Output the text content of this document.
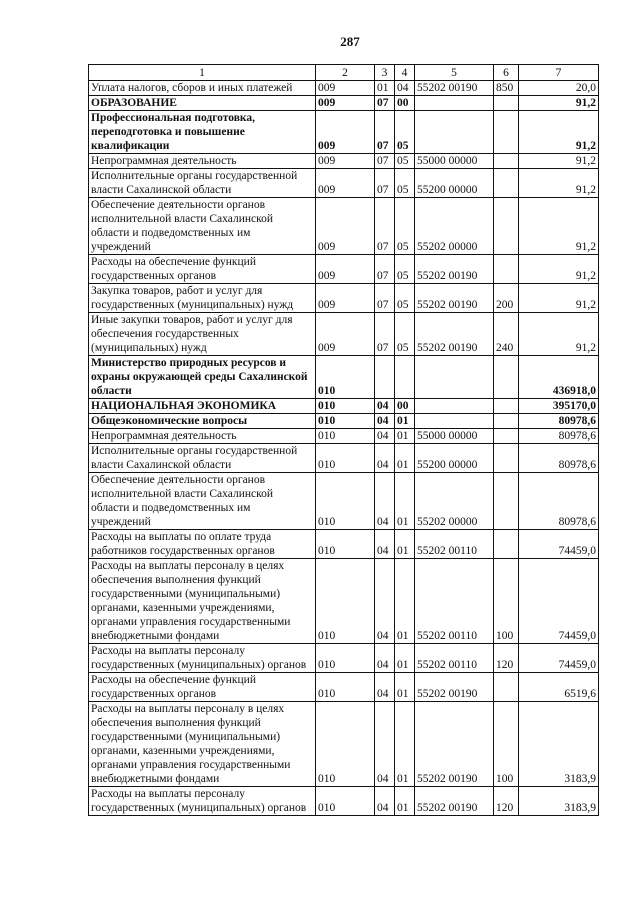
287
1	2	3	4	5	6	7
Уплата налогов, сборов и иных платежей	009	01	04	55202 00190	850	20,0
ОБРАЗОВАНИЕ	009	07	00			91,2
Профессиональная подготовка, переподготовка и повышение квалификации	009	07	05			91,2
Непрограммная деятельность	009	07	05	55000 00000		91,2
Исполнительные органы государственной власти Сахалинской области	009	07	05	55200 00000		91,2
Обеспечение деятельности органов исполнительной власти Сахалинской области и подведомственных им учреждений	009	07	05	55202 00000		91,2
Расходы на обеспечение функций государственных органов	009	07	05	55202 00190		91,2
Закупка товаров, работ и услуг для государственных (муниципальных) нужд	009	07	05	55202 00190	200	91,2
Иные закупки товаров, работ и услуг для обеспечения государственных (муниципальных) нужд	009	07	05	55202 00190	240	91,2
Министерство природных ресурсов и охраны окружающей среды Сахалинской области	010					436918,0
НАЦИОНАЛЬНАЯ ЭКОНОМИКА	010	04	00			395170,0
Общеэкономические вопросы	010	04	01			80978,6
Непрограммная деятельность	010	04	01	55000 00000		80978,6
Исполнительные органы государственной власти Сахалинской области	010	04	01	55200 00000		80978,6
Обеспечение деятельности органов исполнительной власти Сахалинской области и подведомственных им учреждений	010	04	01	55202 00000		80978,6
Расходы на выплаты по оплате труда работников государственных органов	010	04	01	55202 00110		74459,0
Расходы на выплаты персоналу в целях обеспечения выполнения функций государственными (муниципальными) органами, казенными учреждениями, органами управления государственными внебюджетными фондами	010	04	01	55202 00110	100	74459,0
Расходы на выплаты персоналу государственных (муниципальных) органов	010	04	01	55202 00110	120	74459,0
Расходы на обеспечение функций государственных органов	010	04	01	55202 00190		6519,6
Расходы на выплаты персоналу в целях обеспечения выполнения функций государственными (муниципальными) органами, казенными учреждениями, органами управления государственными внебюджетными фондами	010	04	01	55202 00190	100	3183,9
Расходы на выплаты персоналу государственных (муниципальных) органов	010	04	01	55202 00190	120	3183,9
